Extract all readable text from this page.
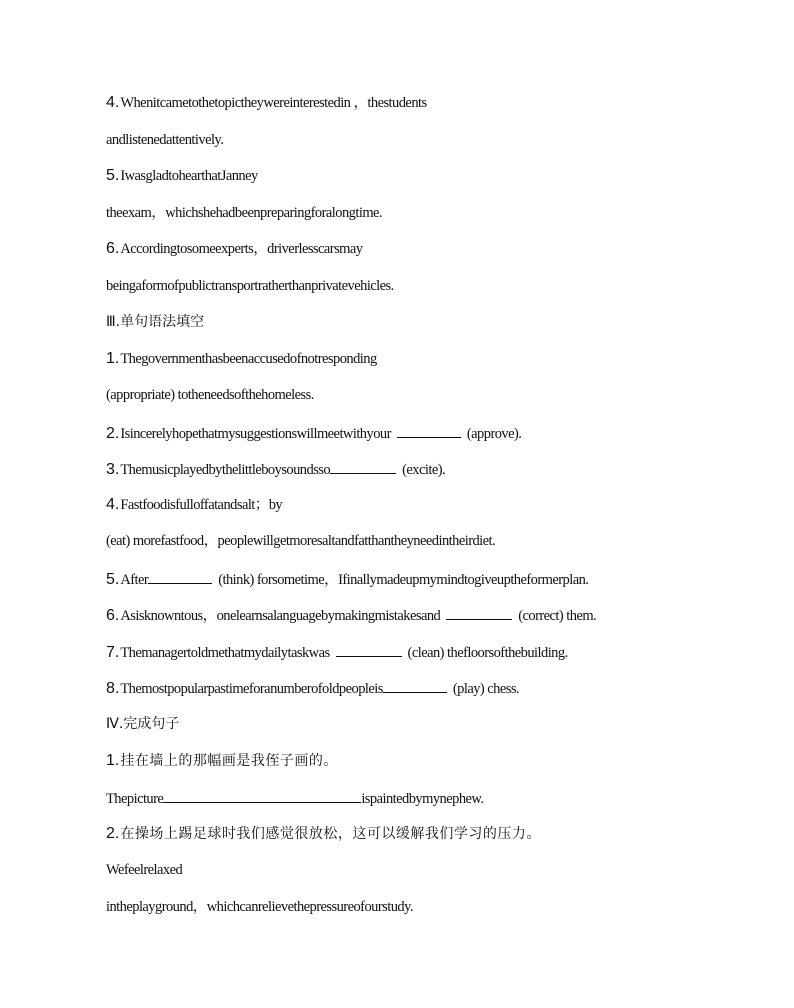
4.Whenitcametothetopictheywereinterestedin ，thestudents
andlistenedattentively.
5.IwasgladtohearthatJanney
theexam，whichshehadbeenpreparingforalongtime.
6.Accordingtosomeexperts，driverlesscarsmay
beingaformofpublictransportratherthanprivatevehicles.
Ⅲ.单句语法填空
1.Thegovernmenthasbeenaccusedofnotresponding
(appropriate) totheneedsofthehomeless.
2.Isincerelyhopethatmysuggestionswillmeetwithyour	(approve).
3.Themusicplayedbythelittleboysoundsso	(excite).
4.Fastfoodisfulloffatandsalt；by
(eat) morefastfood，peoplewillgetmoresaltandfatthantheyneedintheirdiet.
5.After	(think) forsometime，Ifinallymadeupmymindtogiveuptheformerplan.
6.Asisknowntous，onelearnsalanguagebymakingmistakesand	(correct) them.
7.Themanagertoldmethatmydailytaskwas	(clean) thefloorsofthebuilding.
8.Themostpopularpastimeforanumberofoldpeopleis	(play) chess.
Ⅳ.完成句子
1.挂在墙上的那幅画是我侄子画的。
Thepicture	ispaintedbymynephew.
2.在操场上踢足球时我们感觉很放松，这可以缓解我们学习的压力。
Wefeelrelaxed
intheplayground，whichcanrelievethepressureofourstudy.
